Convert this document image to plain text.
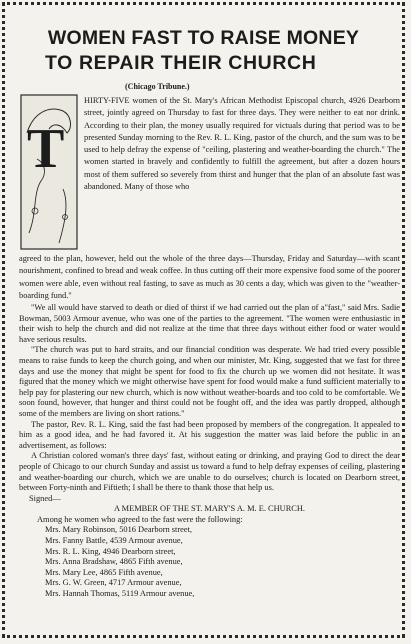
WOMEN FAST TO RAISE MONEY
TO REPAIR THEIR CHURCH
(Chicago Tribune.)
T

HIRTY-FIVE women of the St. Mary's African Methodist Episcopal church, 4926 Dearborn street, jointly agreed on Thursday to fast for three days. They were neither to eat nor drink. According to their plan, the money usually required for victuals during that period was to be presented Sunday morning to the Rev. R. L. King, pastor of the church, and the sum was to be used to help defray the expense of "ceiling, plastering and weather-boarding the church." The women started in bravely and confidently to fulfill the agreement, but after a dozen hours most of them suffered so severely from thirst and hunger that the plan of an absolute fast was abandoned. Many of those who

agreed to the plan, however, held out the whole of the three days—Thursday, Friday and Saturday—with scant nourishment, confined to bread and weak coffee. In thus cutting off their more expensive food some of the poorer women were able, even without real fasting, to save as much as 30 cents a day, which was given to the "weather-boarding fund."

"We all would have starved to death or died of thirst if we had carried out the plan of a"fast," said Mrs. Sadie Bowman, 5003 Armour avenue, who was one of the parties to the agreement. "The women were enthusiastic in their wish to help the church and did not realize at the time that three days without either food or water would have serious results.

"The church was put to hard straits, and our financial condition was desperate. We had tried every possible means to raise funds to keep the church going, and when our minister, Mr. King, suggested that we fast for three days and use the money that might be spent for food to fix the church up we women did not hesitate. It was figured that the money which we might otherwise have spent for food would make a fund sufficient materially to help pay for plastering our new church, which is now without weather-boards and too cold to be comfortable. We soon found, however, that hunger and thirst could not be fought off, and the idea was partly dropped, although some of the members are living on short rations."

The pastor, Rev. R. L. King, said the fast had been proposed by members of the congregation. It appealed to him as a good idea, and he had favored it. At his suggestion the matter was laid before the public in an advertisement, as follows:

A Christian colored woman's three days' fast, without eating or drinking, and praying God to direct the dear people of Chicago to our church Sunday and assist us toward a fund to help defray expenses of ceiling, plastering and weather-boarding our church, which we are unable to do ourselves; church is located on Dearborn street, between Forty-ninth and Fiftieth; I shall be there to thank those that help us.

Signed—
A MEMBER OF THE ST. MARY'S A. M. E. CHURCH.
Among he women who agreed to the fast were the following:
Mrs. Mary Robinson, 5016 Dearborn street,
Mrs. Fanny Battle, 4539 Armour avenue,
Mrs. R. L. King, 4946 Dearborn street,
Mrs. Anna Bradshaw, 4865 Fifth avenue,
Mrs. Mary Lee, 4865 Fifth avenue,
Mrs. G. W. Green, 4717 Armour avenue,
Mrs. Hannah Thomas, 5119 Armour avenue,
